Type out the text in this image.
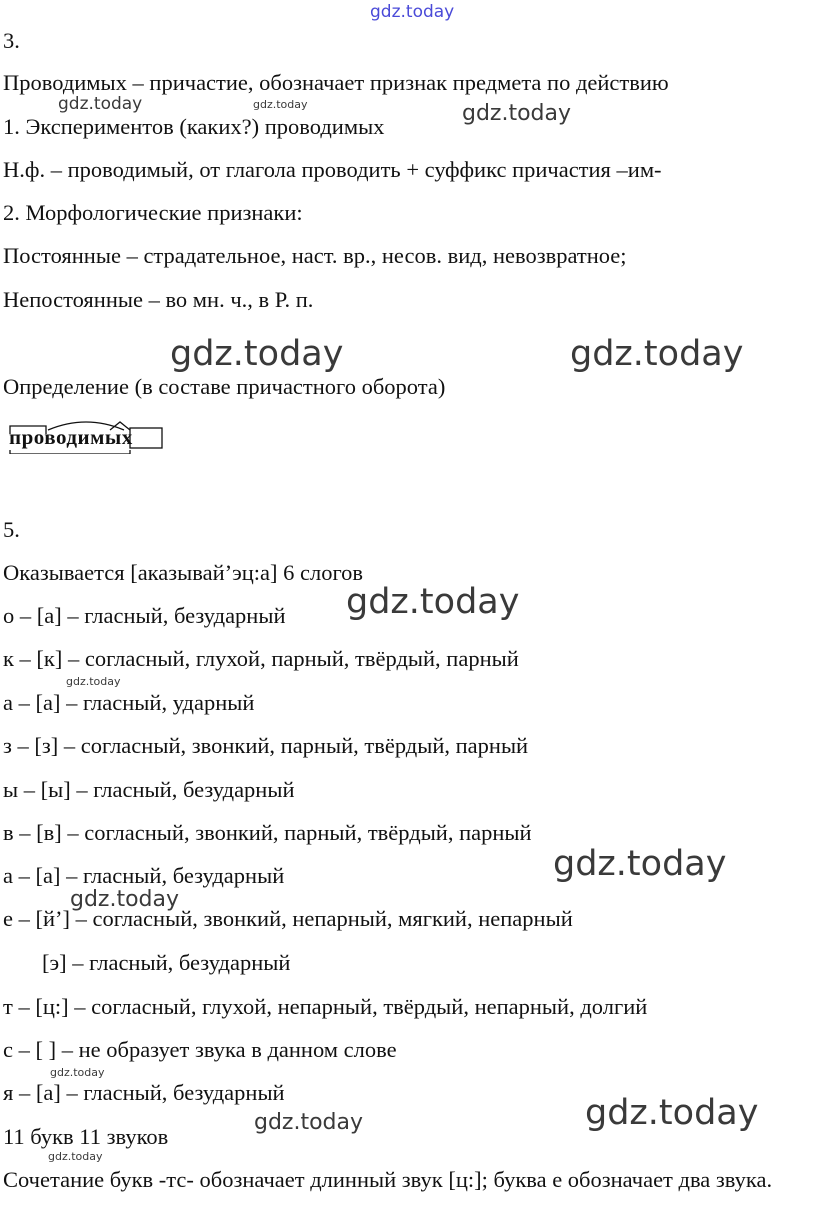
3.
Проводимых – причастие, обозначает признак предмета по действию
1. Экспериментов (каких?) проводимых
Н.ф. – проводимый, от глагола проводить + суффикс причастия –им-
2. Морфологические признаки:
Постоянные – страдательное, наст. вр., несов. вид, невозвратное;
Непостоянные – во мн. ч., в Р. п.
Определение (в составе причастного оборота)
проводимых
5.
Оказывается [аказывай’эц:а] 6 слогов
о – [а] – гласный, безударный
к – [к] – согласный, глухой, парный, твёрдый, парный
а – [а] – гласный, ударный
з – [з] – согласный, звонкий, парный, твёрдый, парный
ы – [ы] – гласный, безударный
в – [в] – согласный, звонкий, парный, твёрдый, парный
а – [а] – гласный, безударный
е – [й’] – согласный, звонкий, непарный, мягкий, непарный
[э] – гласный, безударный
т – [ц:] – согласный, глухой, непарный, твёрдый, непарный, долгий
с – [ ] – не образует звука в данном слове
я – [а] – гласный, безударный
11 букв 11 звуков
Сочетание букв -тс- обозначает длинный звук [ц:]; буква е обозначает два звука.
gdz.today
gdz.today	gdz.today	gdz.today
gdz.today	gdz.today
gdz.today
gdz.today
gdz.today
gdz.today
gdz.today
gdz.today
gdz.today
gdz.today
